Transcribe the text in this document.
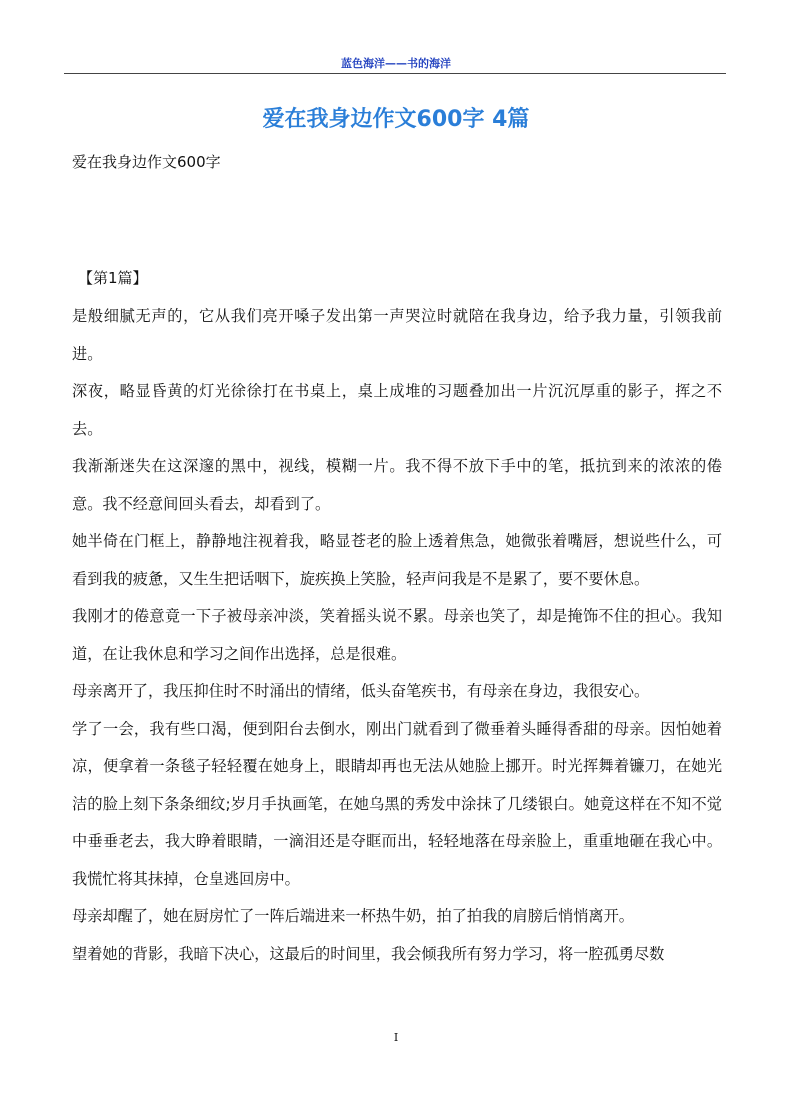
蓝色海洋——书的海洋
爱在我身边作文600字 4篇
爱在我身边作文600字
【第1篇】

是般细腻无声的，它从我们亮开嗓子发出第一声哭泣时就陪在我身边，给予我力量，引领我前进。

深夜，略显昏黄的灯光徐徐打在书桌上，桌上成堆的习题叠加出一片沉沉厚重的影子，挥之不去。

我渐渐迷失在这深邃的黑中，视线，模糊一片。我不得不放下手中的笔，抵抗到来的浓浓的倦意。我不经意间回头看去，却看到了。

她半倚在门框上，静静地注视着我，略显苍老的脸上透着焦急，她微张着嘴唇，想说些什么，可看到我的疲惫，又生生把话咽下，旋疾换上笑脸，轻声问我是不是累了，要不要休息。

我刚才的倦意竟一下子被母亲冲淡，笑着摇头说不累。母亲也笑了，却是掩饰不住的担心。我知道，在让我休息和学习之间作出选择，总是很难。

母亲离开了，我压抑住时不时涌出的情绪，低头奋笔疾书，有母亲在身边，我很安心。

学了一会，我有些口渴，便到阳台去倒水，刚出门就看到了微垂着头睡得香甜的母亲。因怕她着凉，便拿着一条毯子轻轻覆在她身上，眼睛却再也无法从她脸上挪开。时光挥舞着镰刀，在她光洁的脸上刻下条条细纹;岁月手执画笔，在她乌黑的秀发中涂抹了几缕银白。她竟这样在不知不觉中垂垂老去，我大睁着眼睛，一滴泪还是夺眶而出，轻轻地落在母亲脸上，重重地砸在我心中。我慌忙将其抹掉，仓皇逃回房中。

母亲却醒了，她在厨房忙了一阵后端进来一杯热牛奶，拍了拍我的肩膀后悄悄离开。

望着她的背影，我暗下决心，这最后的时间里，我会倾我所有努力学习，将一腔孤勇尽数

I
